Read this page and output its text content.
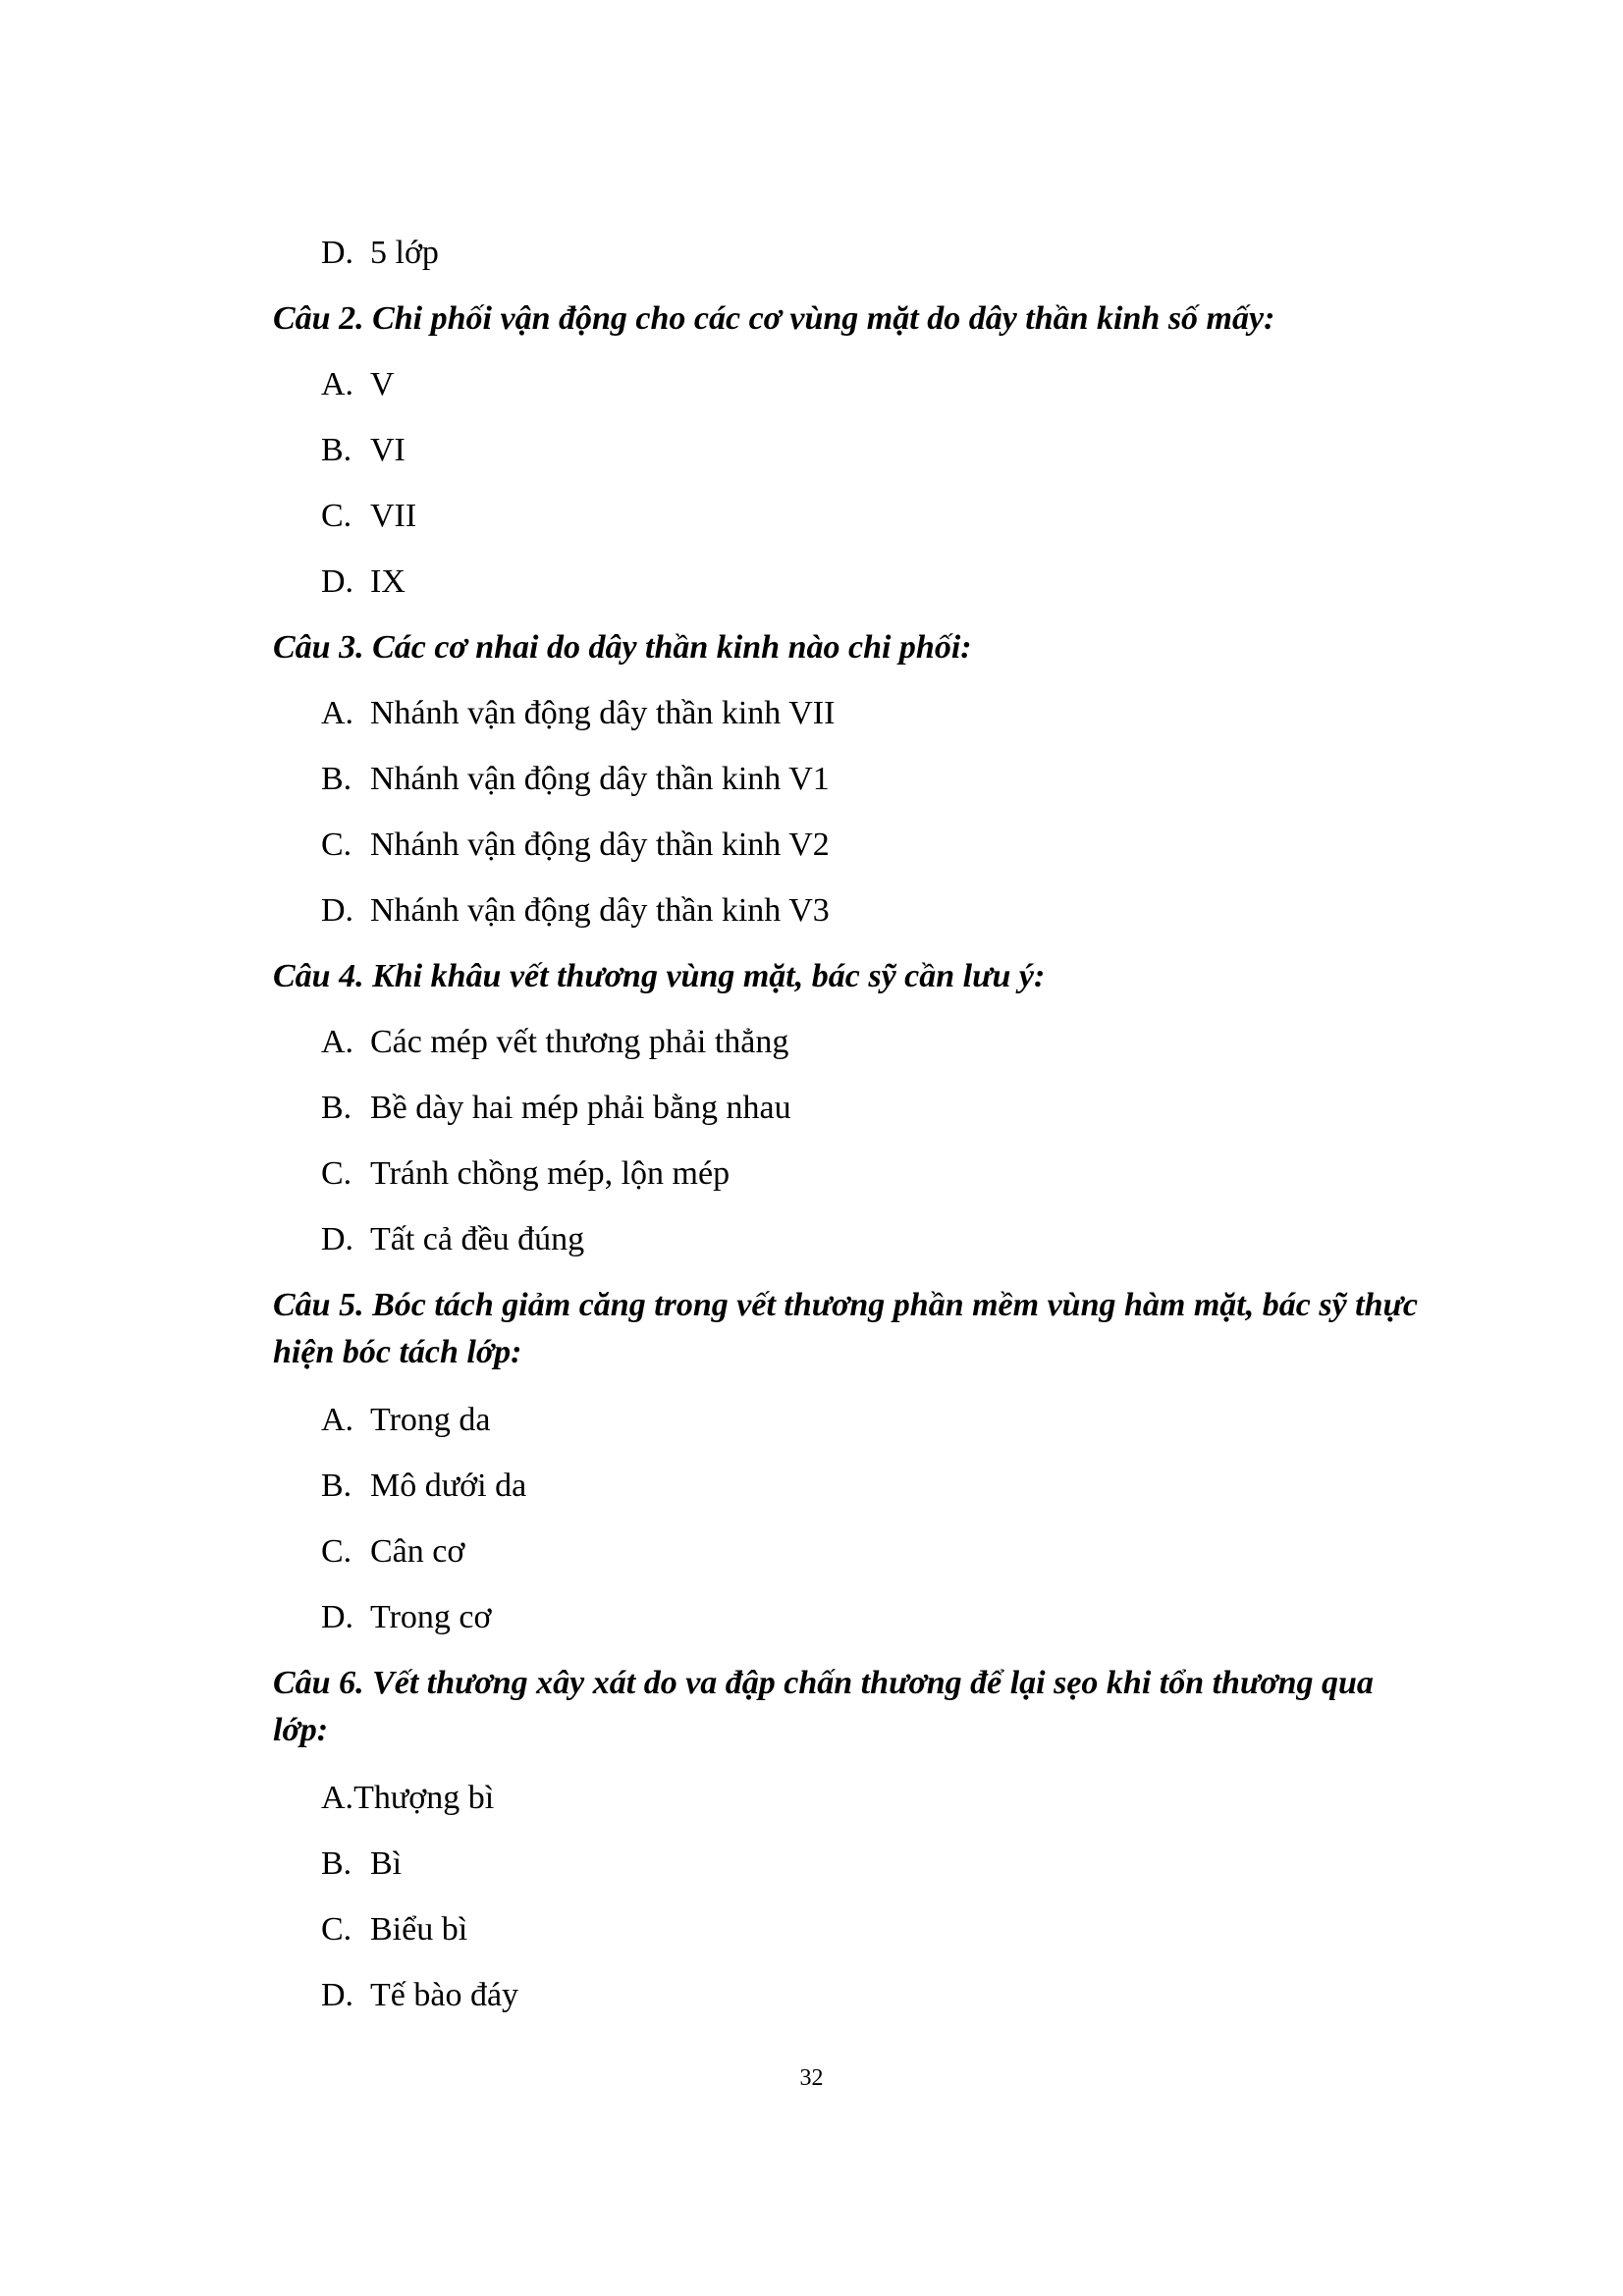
D. 5 lớp
Câu 2. Chi phối vận động cho các cơ vùng mặt do dây thần kinh số mấy:
A. V
B. VI
C. VII
D. IX
Câu 3. Các cơ nhai do dây thần kinh nào chi phối:
A. Nhánh vận động dây thần kinh VII
B. Nhánh vận động dây thần kinh V1
C. Nhánh vận động dây thần kinh V2
D. Nhánh vận động dây thần kinh V3
Câu 4. Khi khâu vết thương vùng mặt, bác sỹ cần lưu ý:
A. Các mép vết thương phải thẳng
B. Bề dày hai mép phải bằng nhau
C. Tránh chồng mép, lộn mép
D. Tất cả đều đúng
Câu 5. Bóc tách giảm căng trong vết thương phần mềm vùng hàm mặt, bác sỹ thực
hiện bóc tách lớp:
A. Trong da
B. Mô dưới da
C. Cân cơ
D. Trong cơ
Câu 6. Vết thương xây xát do va đập chấn thương để lại sẹo khi tổn thương qua
lớp:
A.Thượng bì
B. Bì
C. Biểu bì
D. Tế bào đáy
32
